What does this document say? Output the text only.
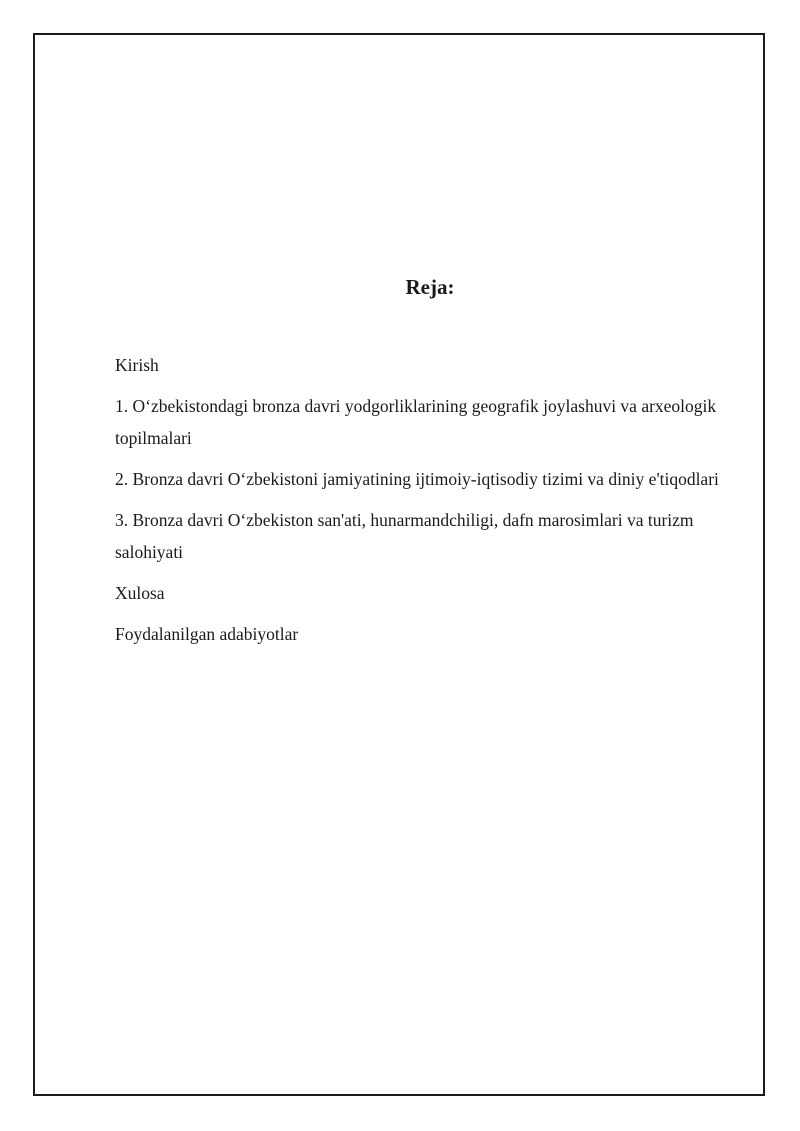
Reja:
Kirish
1. O‘zbekistondagi bronza davri yodgorliklarining geografik joylashuvi va arxeologik topilmalari
2. Bronza davri O‘zbekistoni jamiyatining ijtimoiy-iqtisodiy tizimi va diniy e'tiqodlari
3. Bronza davri O‘zbekiston san'ati, hunarmandchiligi, dafn marosimlari va turizm salohiyati
Xulosa
Foydalanilgan adabiyotlar
